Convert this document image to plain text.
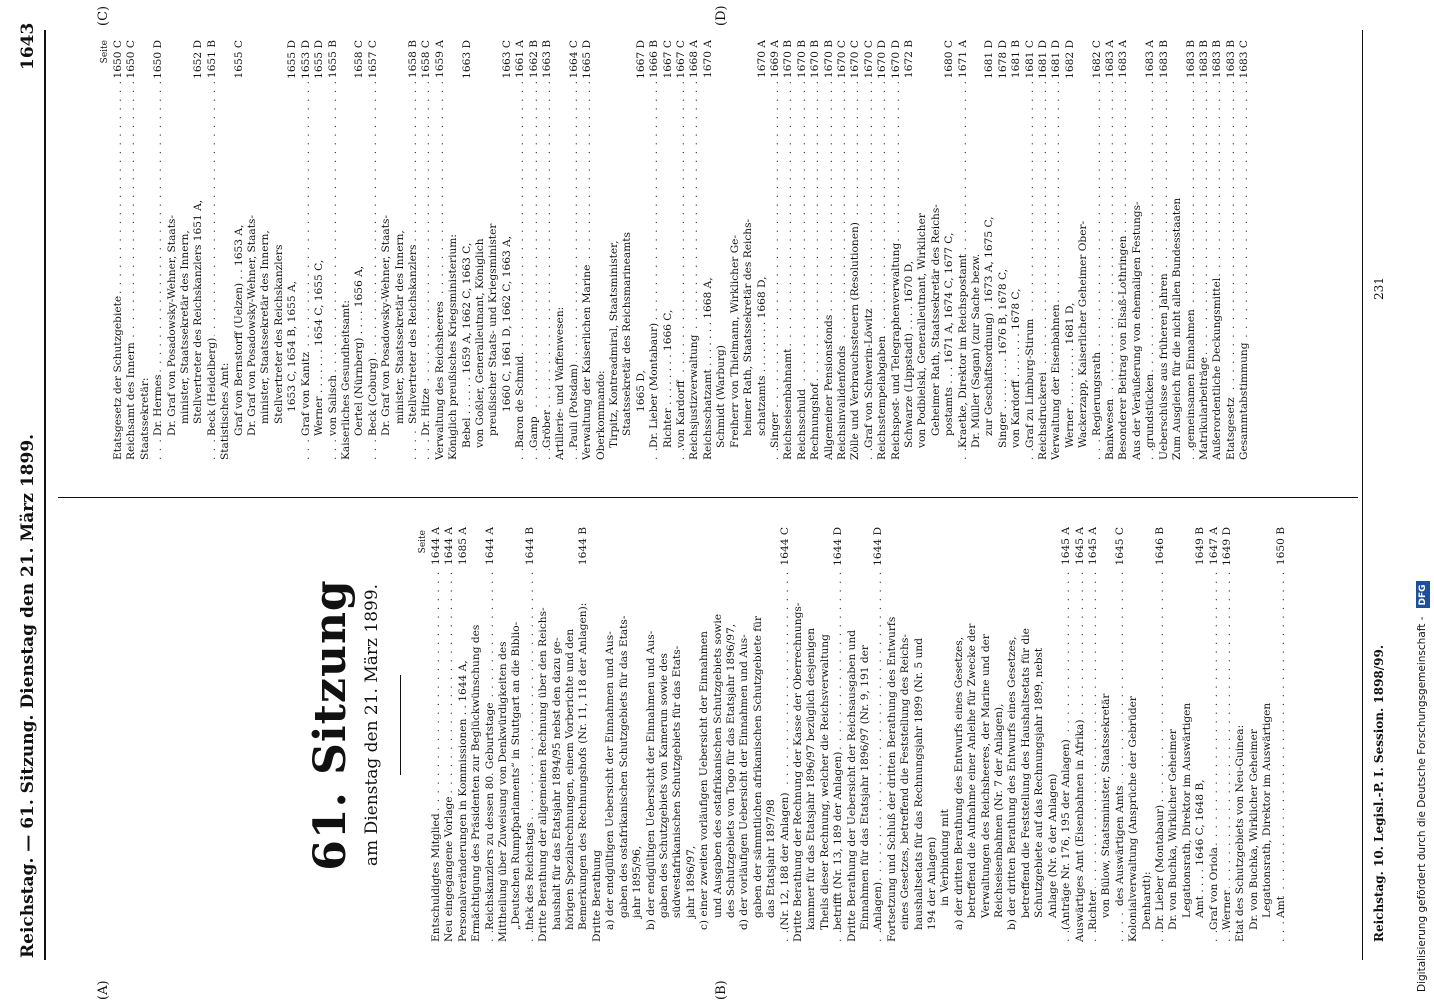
Reichstag. — 61. Sitzung. Dienstag den 21. März 1899.
1643
(A)	(B)
(C)	(D)
61. Sitzung am Dienstag den 21. März 1899.
Seite
Entschuldigtes Mitglied
1644 A
. . .
Neu eingegangene Vorlage
1644 A
. . .
Personalveränderungen in Kommissionen . . 1644 A,
1685 A
Ermächtigung des Präsidenten zur Beglückwünschung des Reichskanzlers zu dessen 80. Geburtstage
1644 A
. . .
Mittheilung über Zuweisung von Denkwürdigkeiten des „Deutschen Rumpfparlaments“ in Stuttgart an die Biblio- thek des Reichstags
1644 B
. . .
Dritte Berathung der allgemeinen Rechnung über den Reichs- haushalt für das Etatsjahr 1894/95 nebst den dazu ge- hörigen Spezialrechnungen, einem Vorberichte und den Bemerkungen des Rechnungshofs (Nr. 11, 118 der Anlagen):
1644 B
Dritte Berathung a) der endgültigen Uebersicht der Einnahmen und Aus- gaben des ostafrikanischen Schutzgebiets für das Etats- jahr 1895/96, b) der endgültigen Uebersicht der Einnahmen und Aus- gaben des Schutzgebiets von Kamerun sowie des südwestafrikanischen Schutzgebiets für das Etats- jahr 1896/97, c) einer zweiten vorläufigen Uebersicht der Einnahmen und Ausgaben des ostafrikanischen Schutzgebiets sowie des Schutzgebiets von Togo für das Etatsjahr 1896/97, d) der vorläufigen Uebersicht der Einnahmen und Aus- gaben der sämmtlichen afrikanischen Schutzgebiete für das Etatsjahr 1897/98 (Nr. 12, 188 der Anlagen)
1644 C
. . .
Dritte Berathung der Rechnung der Kasse der Oberrechnungs- kammer für das Etatsjahr 1896/97 bezüglich desjenigen Theils dieser Rechnung, welcher die Reichsverwaltung betrifft (Nr. 13, 189 der Anlagen)
1644 D
. . .
Dritte Berathung der Uebersicht der Reichsausgaben und Einnahmen für das Etatsjahr 1896/97 (Nr. 9, 191 der Anlagen)
1644 D
. . .
Fortsetzung und Schluß der dritten Berathung des Entwurfs eines Gesetzes, betreffend die Feststellung des Reichs- haushaltsetats für das Rechnungsjahr 1899 (Nr. 5 und 194 der Anlagen) in Verbindung mit a) der dritten Berathung des Entwurfs eines Gesetzes, betreffend die Aufnahme einer Anleihe für Zwecke der Verwaltungen des Reichsheeres, der Marine und der Reichseisenbahnen (Nr. 7 der Anlagen), b) der dritten Berathung des Entwurfs eines Gesetzes, betreffend die Feststellung des Haushaltsetats für die Schutzgebiete auf das Rechnungsjahr 1899, nebst Anlage (Nr. 6 der Anlagen) (Anträge Nr. 176, 195 der Anlagen)
1645 A
. . .
Auswärtiges Amt (Eisenbahnen in Afrika)
1645 A
. . .
Richter
1645 A
. . .
von Bülow, Staatsminister, Staatssekretär des Auswärtigen Amts
1645 C
. . .
Kolonialverwaltung (Ansprüche der Gebrüder Denhardt): Dr. Lieber (Montabaur)
1646 B
. . .
Dr. von Buchka, Wirklicher Geheimer Legationsrath, Direktor im Auswärtigen Amt . . . . 1646 C, 1648 B,
1649 B
Graf von Oriola
1647 A
. . .
Werner
1649 D
. . .
Etat des Schutzgebiets von Neu-Guinea: Dr. von Buchka, Wirklicher Geheimer Legationsrath, Direktor im Auswärtigen Amt
1650 B
. . .
Seite
Etatsgesetz der Schutzgebiete
1650 C
. . .
Reichsamt des Innern
1650 C
. . .
Staatssekretär: Dr. Hermes
1650 D
. . .
Dr. Graf von Posadowsky-Wehner, Staats- minister, Staatssekretär des Innern, Stellvertreter des Reichskanzlers 1651 A,
1652 D
Beck (Heidelberg)
1651 B
. . .
Statistisches Amt: Graf von Bernstorff (Uelzen) . . 1653 A,
1655 C
Dr. Graf von Posadowsky-Wehner, Staats- minister, Staatssekretär des Innern, Stellvertreter des Reichskanzlers 1653 C, 1654 B, 1655 A,
1655 D
Graf von Kanitz
1653 D
. . .
Werner . . . . . . . 1654 C, 1655 C,
1655 D
von Salisch
1655 B
. . .
Kaiserliches Gesundheitsamt: Oertel (Nürnberg) . . . . 1656 A,
1658 C
Beck (Coburg)
1657 C
. . .
Dr. Graf von Posadowsky-Wehner, Staats- minister, Staatssekretär des Innern, Stellvertreter des Reichskanzlers
1658 B
. . .
Dr. Hitze
1658 C
. . .
Verwaltung des Reichsheeres
1659 A
. . .
Königlich preußisches Kriegsministerium: Bebel . . . . . . 1659 A, 1662 C, 1663 C,
1663 D
von Goßler, Generalleutnant, Königlich preußischer Staats- und Kriegsminister 1660 C, 1661 D, 1662 C, 1663 A,
1663 C
Baron de Schmid
1661 A
. . .
Gamp
1662 B
. . .
Gröber
1663 B
. . .
Artillerie- und Waffenwesen: Pauli (Potsdam)
1664 C
. . .
Verwaltung der Kaiserlichen Marine
1665 D
. . .
Oberkommando: Tirpitz, Kontreadmiral, Staatsminister, Staatssekretär des Reichsmarineamts 1665 D,
1667 D
Dr. Lieber (Montabaur)
1666 B
. . .
Richter . . . . . . . . 1666 C,
1667 C
von Kardorff
1667 C
. . .
Reichsjustizverwaltung
1668 A
. . .
Reichsschatzamt . . . . . . . 1668 A,
1670 A
Schmidt (Warburg) Freiherr von Thielmann, Wirklicher Ge- heimer Rath, Staatssekretär des Reichs- schatzamts . . . . . . . . 1668 D,
1670 A
Singer
1669 A
. . .
Reichseisenbahnamt
1670 B
. . .
Reichsschuld
1670 B
. . .
Rechnungshof
1670 B
. . .
Allgemeiner Pensionsfonds
1670 B
. . .
Reichsinvalidenfonds
1670 C
. . .
Zölle und Verbrauchssteuern (Resolutionen)
1670 C
. . .
Graf von Schwerin-Löwitz
1670 C
. . .
Reichsstempelabgaben
1670 D
. . .
Reichspost- und Telegraphenverwaltung
1670 D
. . .
Schwarze (Lippstadt) . . . . 1670 D,
1672 B
von Podbielski, Generalleutnant, Wirklicher Geheimer Rath, Staatssekretär des Reichs- postamts . . . 1671 A, 1674 C, 1677 C,
1680 C
Kraetke, Direktor im Reichspostamt
1671 A
. . .
Dr. Müller (Sagan) (zur Sache bezw. zur Geschäftsordnung) . 1673 A, 1675 C,
1681 D
Singer . . . . . . . . 1676 B, 1678 C,
1678 D
von Kardorff . . . . . . . 1678 C,
1681 B
Graf zu Limburg-Stirum
1681 C
. . .
Reichsdruckerei
1681 D
. . .
Verwaltung der Eisenbahnen
1681 D
. . .
Werner . . . . . . . . . 1681 D,
1682 D
Wackerzapp, Kaiserlicher Geheimer Ober- Regierungsrath
1682 C
. . .
Bankwesen
1683 A
. . .
Besonderer Beitrag von Elsaß-Lothringen
1683 A
. . .
Aus der Veräußerung von ehemaligen Festungs- grundstücken
1683 A
. . .
Ueberschüsse aus früheren Jahren
1683 B
. . .
Zum Ausgleich für die nicht allen Bundesstaaten gemeinsamen Einnahmen
1683 B
. . .
Matrikularbeiträge
1683 B
. . .
Außerordentliche Deckungsmittel
1683 B
. . .
Etatsgesetz
1683 B
. . .
Gesammtabstimmung
1683 C
. . .
Reichstag. 10. Legisl.-P. I. Session. 1898/99.
231
Digitalisierung gefördert durch die Deutsche Forschungsgemeinschaft -DFG
